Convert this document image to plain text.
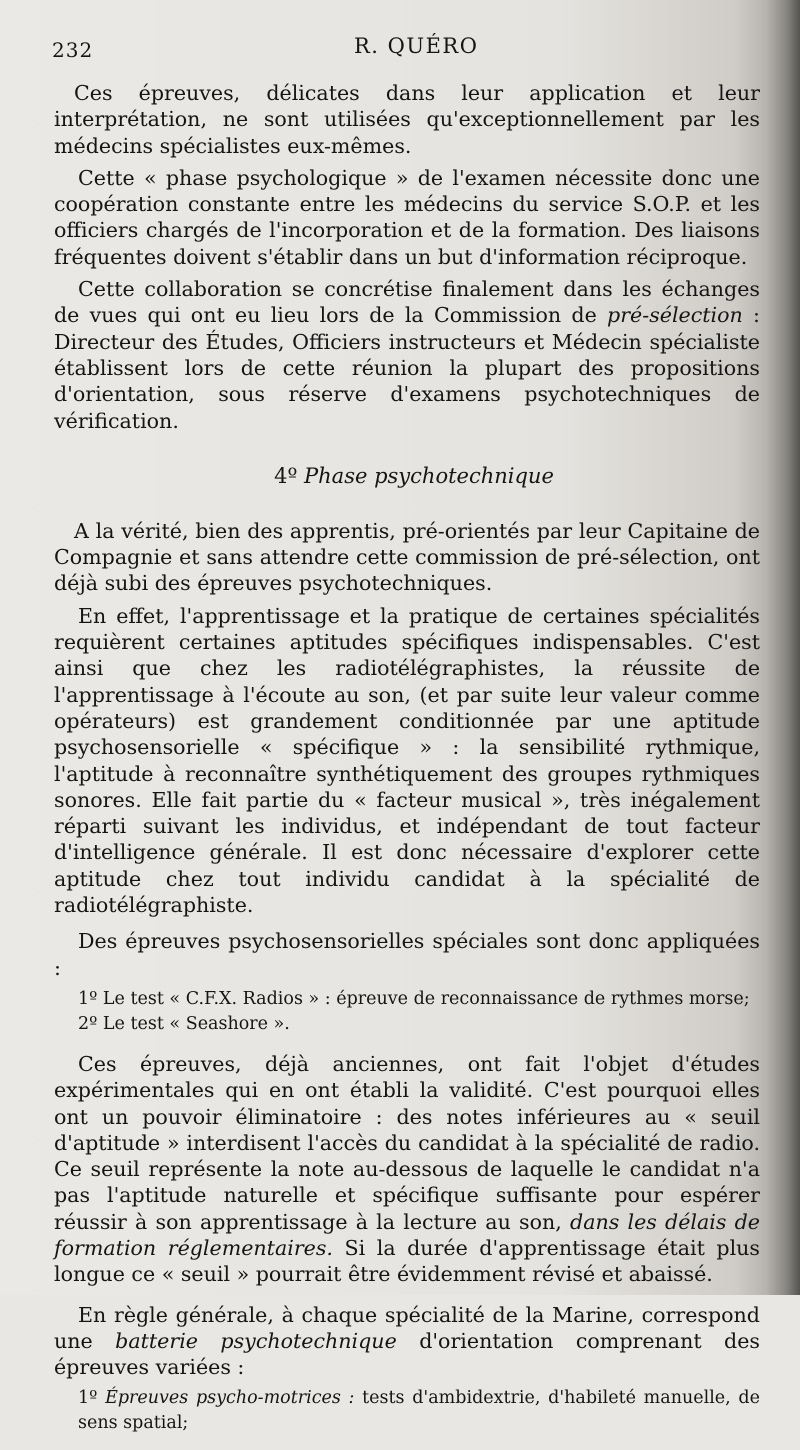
232	R. QUÉRO

Ces épreuves, délicates dans leur application et leur interprétation, ne sont utilisées qu'exceptionnellement par les médecins spécialistes eux-mêmes.

Cette « phase psychologique » de l'examen nécessite donc une coopération constante entre les médecins du service S.O.P. et les officiers chargés de l'incorporation et de la formation. Des liaisons fréquentes doivent s'établir dans un but d'information réciproque.

Cette collaboration se concrétise finalement dans les échanges de vues qui ont eu lieu lors de la Commission de pré-sélection : Directeur des Études, Officiers instructeurs et Médecin spécialiste établissent lors de cette réunion la plupart des propositions d'orientation, sous réserve d'examens psychotechniques de vérification.

4º Phase psychotechnique

A la vérité, bien des apprentis, pré-orientés par leur Capitaine de Compagnie et sans attendre cette commission de pré-sélection, ont déjà subi des épreuves psychotechniques.

En effet, l'apprentissage et la pratique de certaines spécialités requièrent certaines aptitudes spécifiques indispensables. C'est ainsi que chez les radiotélégraphistes, la réussite de l'apprentissage à l'écoute au son, (et par suite leur valeur comme opérateurs) est grandement conditionnée par une aptitude psychosensorielle « spécifique » : la sensibilité rythmique, l'aptitude à reconnaître synthétiquement des groupes rythmiques sonores. Elle fait partie du « facteur musical », très inégalement réparti suivant les individus, et indépendant de tout facteur d'intelligence générale. Il est donc nécessaire d'explorer cette aptitude chez tout individu candidat à la spécialité de radiotélégraphiste.

Des épreuves psychosensorielles spéciales sont donc appliquées :

1º Le test « C.F.X. Radios » : épreuve de reconnaissance de rythmes morse;
2º Le test « Seashore ».

Ces épreuves, déjà anciennes, ont fait l'objet d'études expérimentales qui en ont établi la validité. C'est pourquoi elles ont un pouvoir éliminatoire : des notes inférieures au « seuil d'aptitude » interdisent l'accès du candidat à la spécialité de radio. Ce seuil représente la note au-dessous de laquelle le candidat n'a pas l'aptitude naturelle et spécifique suffisante pour espérer réussir à son apprentissage à la lecture au son, dans les délais de formation réglementaires. Si la durée d'apprentissage était plus longue ce « seuil » pourrait être évidemment révisé et abaissé.

En règle générale, à chaque spécialité de la Marine, correspond une batterie psychotechnique d'orientation comprenant des épreuves variées :

1º Épreuves psycho-motrices : tests d'ambidextrie, d'habileté manuelle, de sens spatial;
